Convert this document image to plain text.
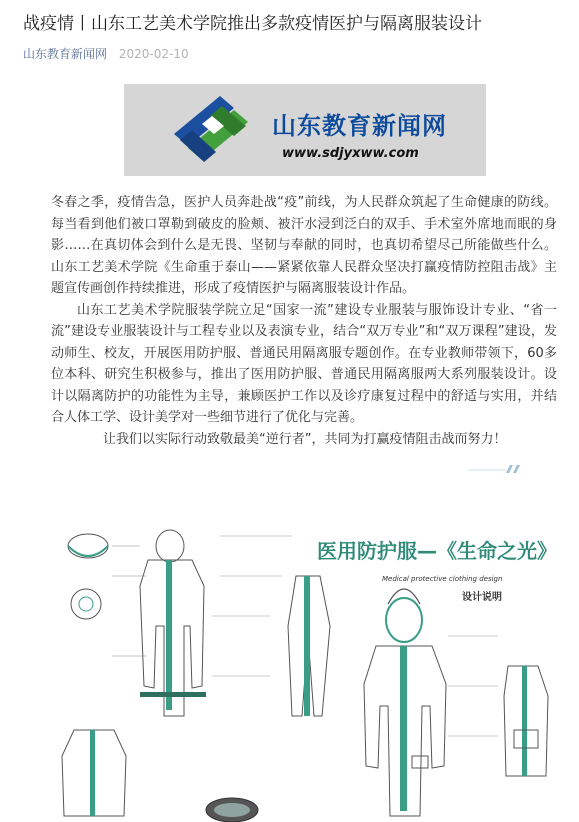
战疫情丨山东工艺美术学院推出多款疫情医护与隔离服装设计
山东教育新闻网 2020-02-10
山东教育新闻网
www.sdjyxww.com

冬春之季，疫情告急，医护人员奔赴战“疫”前线，为人民群众筑起了生命健康的防线。每当看到他们被口罩勒到破皮的脸颊、被汗水浸到泛白的双手、手术室外席地而眠的身影……在真切体会到什么是无畏、坚韧与奉献的同时，也真切希望尽己所能做些什么。山东工艺美术学院《生命重于泰山——紧紧依靠人民群众坚决打赢疫情防控阻击战》主题宣传画创作持续推进，形成了疫情医护与隔离服装设计作品。

山东工艺美术学院服装学院立足“国家一流”建设专业服装与服饰设计专业、“省一流”建设专业服装设计与工程专业以及表演专业，结合“双万专业”和“双万课程”建设，发动师生、校友，开展医用防护服、普通民用隔离服专题创作。在专业教师带领下，60多位本科、研究生积极参与，推出了医用防护服、普通民用隔离服两大系列服装设计。设计以隔离防护的功能性为主导，兼顾医护工作以及诊疗康复过程中的舒适与实用，并结合人体工学、设计美学对一些细节进行了优化与完善。

让我们以实际行动致敬最美“逆行者”，共同为打赢疫情阻击战而努力！

医用防护服—《生命之光》
Medical protective clothing design
设计说明
